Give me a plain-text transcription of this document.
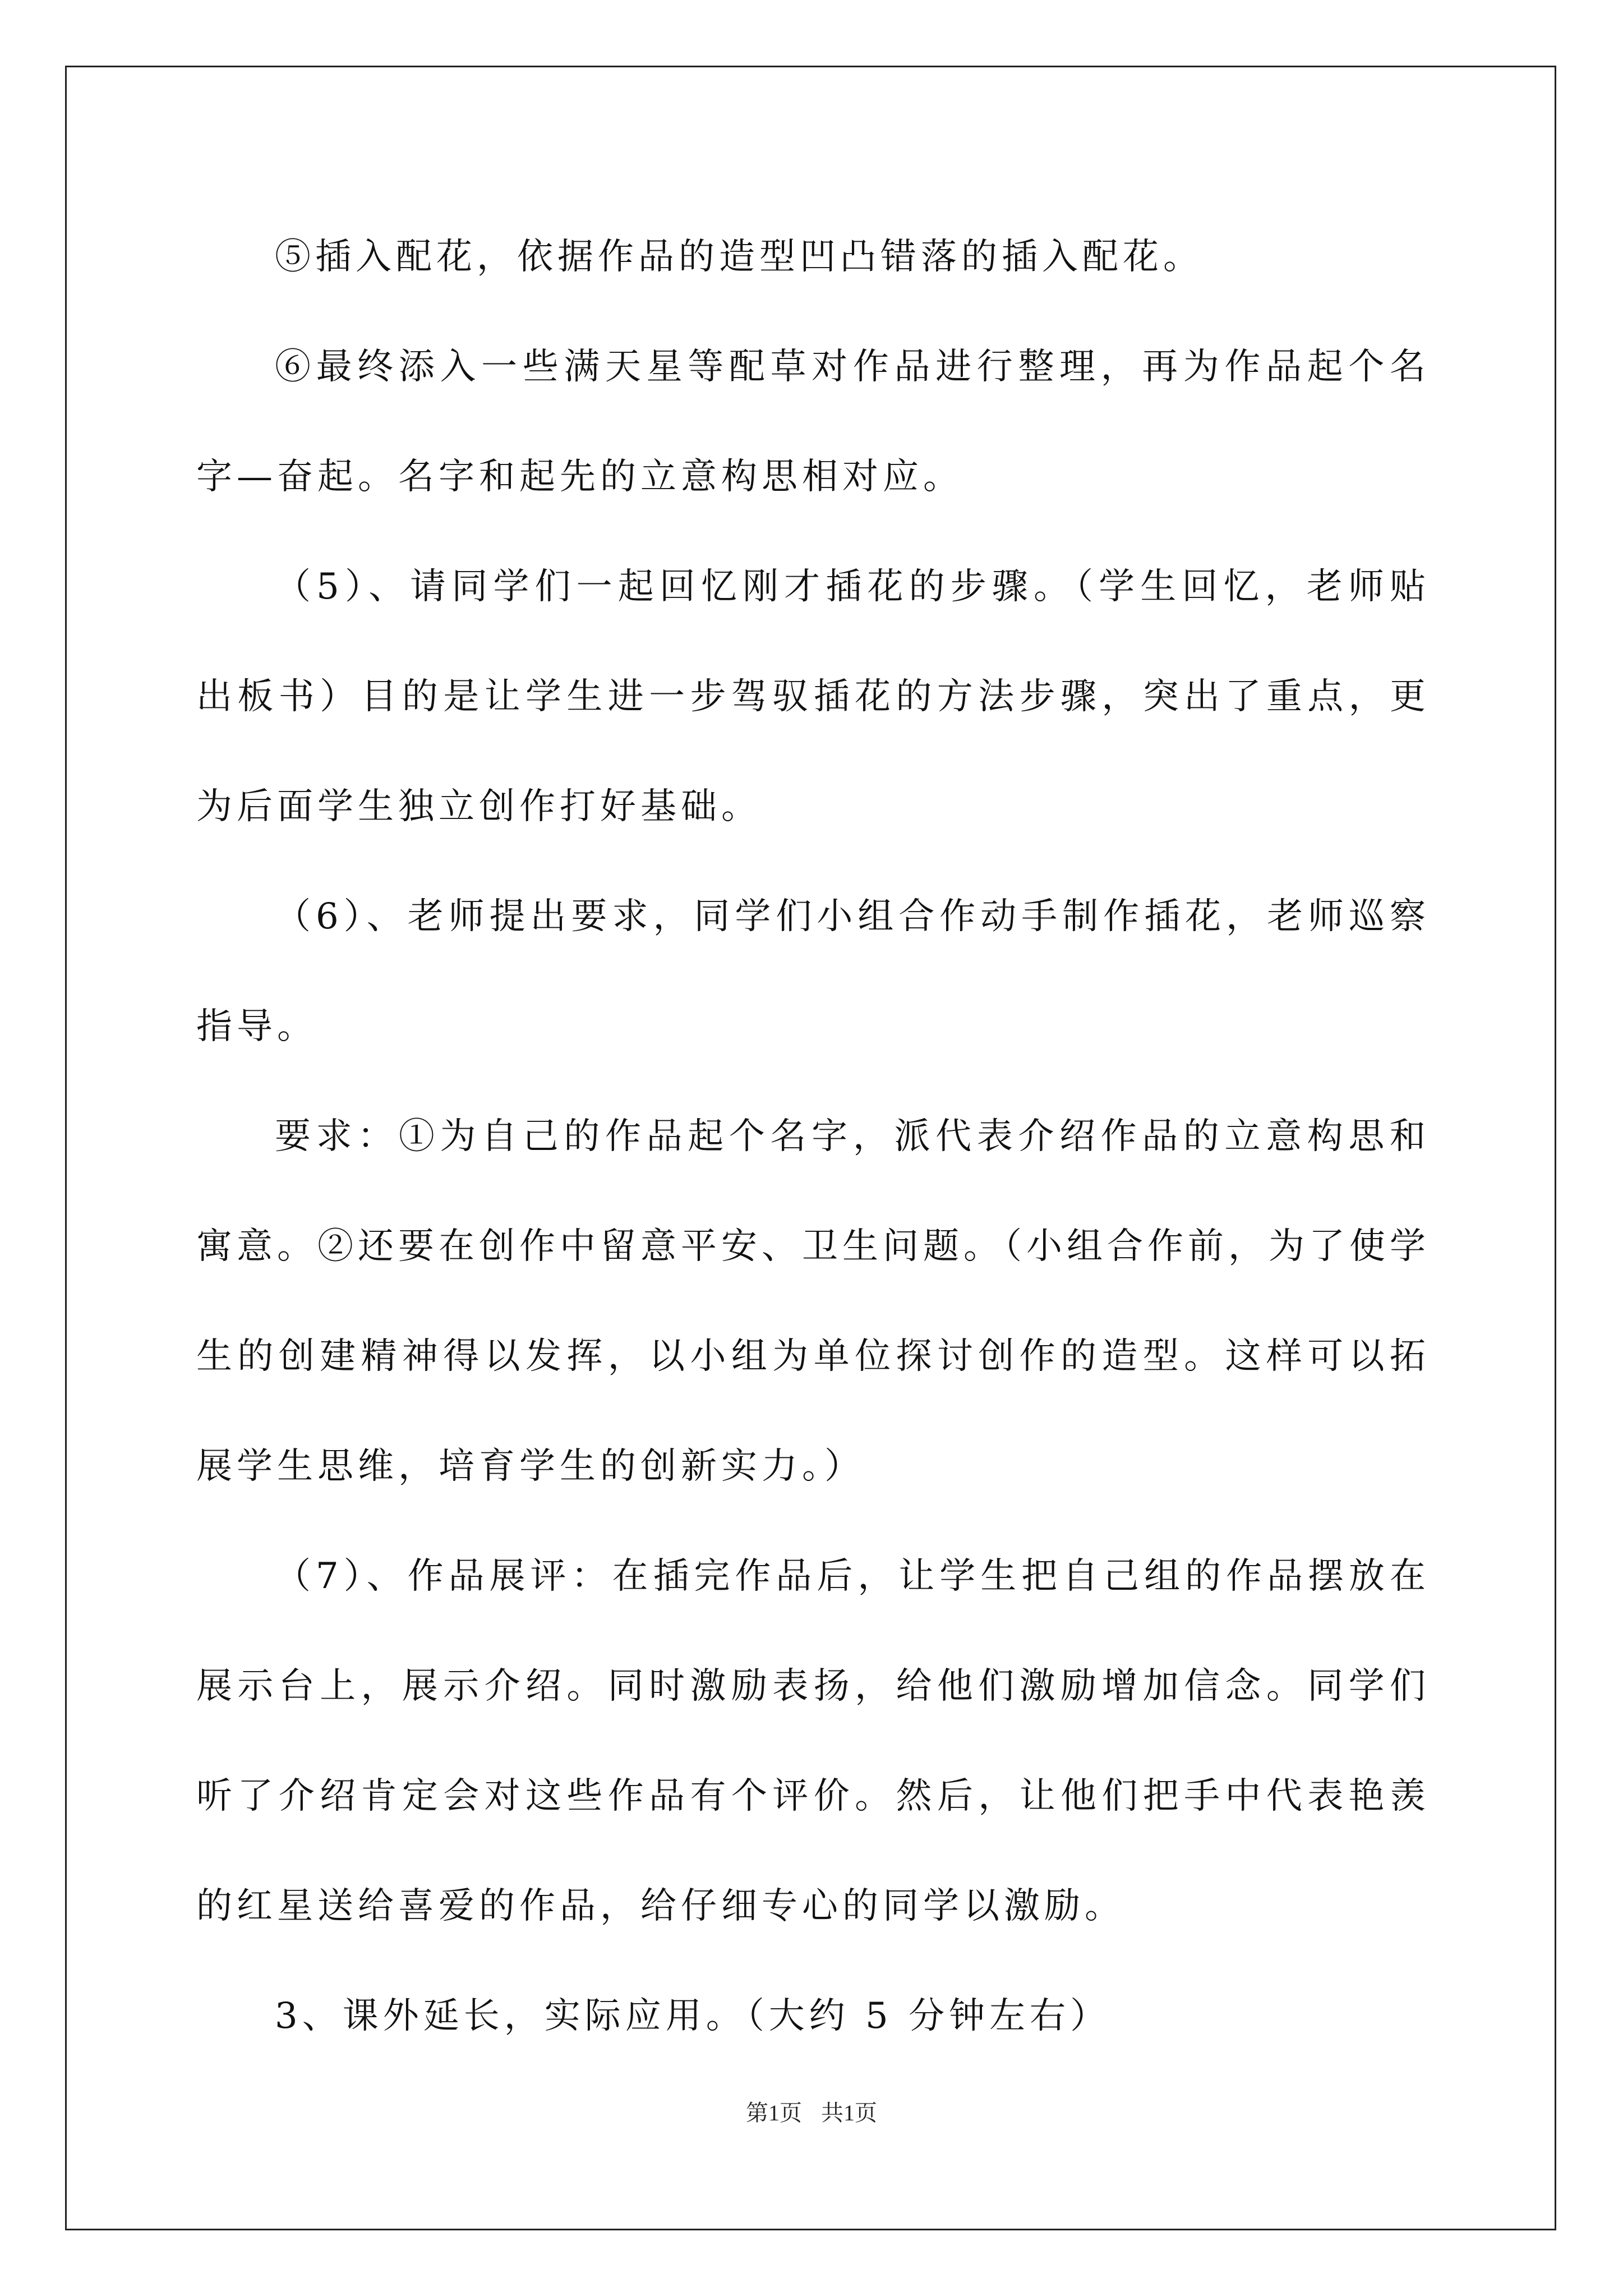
⑤插入配花，依据作品的造型凹凸错落的插入配花。

⑥最终添入一些满天星等配草对作品进行整理，再为作品起个名字—奋起。名字和起先的立意构思相对应。

（5）、请同学们一起回忆刚才插花的步骤。（学生回忆，老师贴出板书）目的是让学生进一步驾驭插花的方法步骤，突出了重点，更为后面学生独立创作打好基础。

（6）、老师提出要求，同学们小组合作动手制作插花，老师巡察指导。

要求：①为自己的作品起个名字，派代表介绍作品的立意构思和寓意。②还要在创作中留意平安、卫生问题。（小组合作前，为了使学生的创建精神得以发挥，以小组为单位探讨创作的造型。这样可以拓展学生思维，培育学生的创新实力。）

（7）、作品展评：在插完作品后，让学生把自己组的作品摆放在展示台上，展示介绍。同时激励表扬，给他们激励增加信念。同学们听了介绍肯定会对这些作品有个评价。然后，让他们把手中代表艳羡的红星送给喜爱的作品，给仔细专心的同学以激励。

3、课外延长，实际应用。（大约 5 分钟左右）

第1页 共1页
